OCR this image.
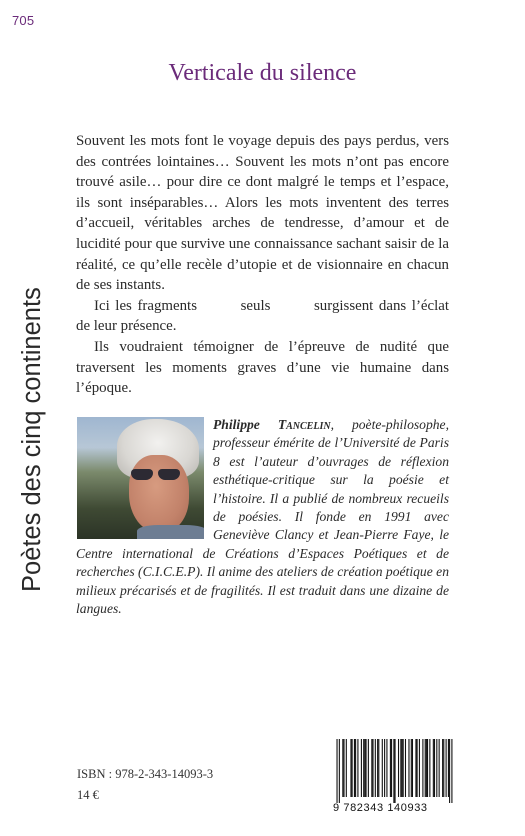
705
Poètes des cinq continents
Verticale du silence

Souvent les mots font le voyage depuis des pays perdus, vers des contrées lointaines… Souvent les mots n’ont pas encore trouvé asile… pour dire ce dont malgré le temps et l’espace, ils sont inséparables… Alors les mots inventent des terres d’accueil, véritables arches de tendresse, d’amour et de lucidité pour que survive une connaissance sachant saisir de la réalité, ce qu’elle recèle d’utopie et de visionnaire en chacun de ses instants.

Ici les fragments	seuls	surgissent dans l’éclat de leur présence.

Ils voudraient témoigner de l’épreuve de nudité que traversent les moments graves d’une vie humaine dans l’époque.

Philippe Tancelin, poète-philosophe, professeur émérite de l’Université de Paris 8 est l’auteur d’ouvrages de réflexion esthétique-critique sur la poésie et l’histoire. Il a publié de nombreux recueils de poésies. Il fonde en 1991 avec Geneviève Clancy et Jean-Pierre Faye, le Centre international de Créations d’Espaces Poétiques et de recherches (C.I.C.E.P). Il anime des ateliers de création poétique en milieux précarisés et de fragilités. Il est traduit dans une dizaine de langues.
ISBN : 978-2-343-14093-3
14 €
9 782343 140933
